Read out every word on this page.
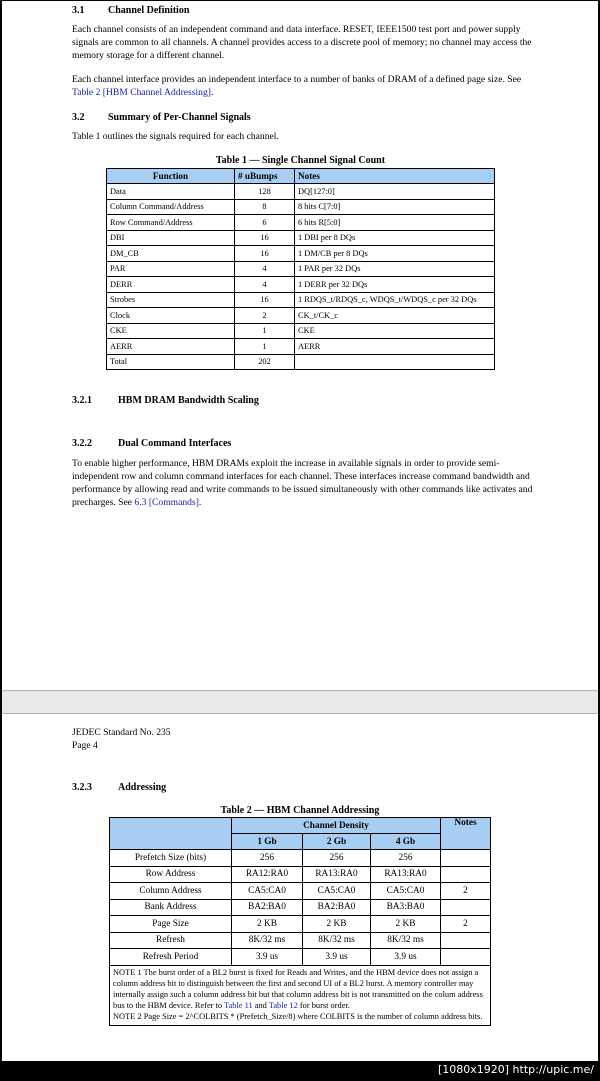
3.1 Channel Definition
Each channel consists of an independent command and data interface. RESET, IEEE1500 test port and power supply signals are common to all channels. A channel provides access to a discrete pool of memory; no channel may access the memory storage for a different channel.
Each channel interface provides an independent interface to a number of banks of DRAM of a defined page size. See Table 2 [HBM Channel Addressing].
3.2 Summary of Per-Channel Signals
Table 1 outlines the signals required for each channel.
Table 1 — Single Channel Signal Count
Function	# uBumps	Notes
Data	128	DQ[127:0]
Column Command/Address	8	8 bits C[7:0]
Row Command/Address	6	6 bits R[5:0]
DBI	16	1 DBI per 8 DQs
DM_CB	16	1 DM/CB per 8 DQs
PAR	4	1 PAR per 32 DQs
DERR	4	1 DERR per 32 DQs
Strobes	16	1 RDQS_t/RDQS_c, WDQS_t/WDQS_c per 32 DQs
Clock	2	CK_t/CK_c
CKE	1	CKE
AERR	1	AERR
Total	202	
3.2.1	HBM DRAM Bandwidth Scaling
3.2.2	Dual Command Interfaces
To enable higher performance, HBM DRAMs exploit the increase in available signals in order to provide semi-independent row and column command interfaces for each channel. These interfaces increase command bandwidth and performance by allowing read and write commands to be issued simultaneously with other commands like activates and precharges. See 6.3 [Commands].
JEDEC Standard No. 235
Page 4
3.2.3	Addressing
Table 2 — HBM Channel Addressing
	Channel Density			Notes
	1 Gb	2 Gb	4 Gb	
Prefetch Size (bits)	256	256	256	
Row Address	RA12:RA0	RA13:RA0	RA13:RA0	
Column Address	CA5:CA0	CA5:CA0	CA5:CA0	2
Bank Address	BA2:BA0	BA2:BA0	BA3:BA0	
Page Size	2 KB	2 KB	2 KB	2
Refresh	8K/32 ms	8K/32 ms	8K/32 ms	
Refresh Period	3.9 us	3.9 us	3.9 us	

NOTE 1 The burst order of a BL2 burst is fixed for Reads and Writes, and the HBM device does not assign a column address bit to distinguish between the first and second UI of a BL2 burst. A memory controller may internally assign such a column address bit but that column address bit is not transmitted on the colum address bus to the HBM device. Refer to Table 11 and Table 12 for burst order.
NOTE 2 Page Size = 2^COLBITS * (Prefetch_Size/8) where COLBITS is the number of column address bits.				
[1080x1920] http://upic.me/
